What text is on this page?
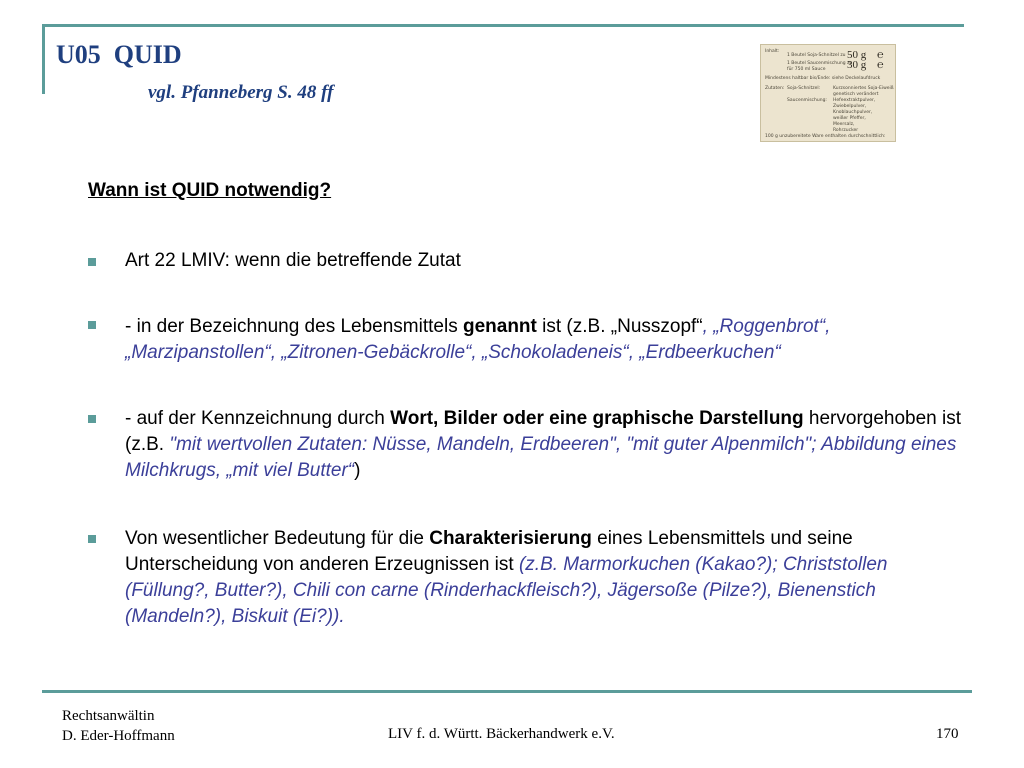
U05  QUID
vgl. Pfanneberg S. 48 ff
Inhalt:
1 Beutel Soja-Schnitzel zu 50 g ℮
1 Beutel Saucenmischung zu
30 g ℮
für 750 ml Sauce
Mindestens haltbar bis/Ende: siehe Deckelaufdruck
Zutaten: Soja-Schnitzel:	Kurzsonniertes Soja-Eiweiß
genetisch verändert
Saucenmischung: Hefeextraktpulver,
Zwiebelpulver,
Knoblauchpulver,
weißer Pfeffer,
Meersalz,
Rohrzucker
100 g unzubereitete Ware enthalten durchschnittlich:
Wann ist QUID notwendig?
Art 22 LMIV: wenn die betreffende Zutat
- in der Bezeichnung des Lebensmittels genannt ist (z.B. „Nusszopf“, „Roggenbrot“, „Marzipanstollen“, „Zitronen-Gebäckrolle“, „Schokoladeneis“, „Erdbeerkuchen“
- auf der Kennzeichnung durch Wort, Bilder oder eine graphische Darstellung hervorgehoben ist (z.B. "mit wertvollen Zutaten: Nüsse, Mandeln, Erdbeeren", "mit guter Alpenmilch"; Abbildung eines Milchkrugs, „mit viel Butter“)
Von wesentlicher Bedeutung für die Charakterisierung eines Lebensmittels und seine Unterscheidung von anderen Erzeugnissen ist (z.B. Marmorkuchen (Kakao?); Christstollen (Füllung?, Butter?), Chili con carne (Rinderhackfleisch?), Jägersoße (Pilze?), Bienenstich (Mandeln?), Biskuit (Ei?)).
Rechtsanwältin
D. Eder-Hoffmann	LIV f. d. Württ. Bäckerhandwerk e.V.	170
